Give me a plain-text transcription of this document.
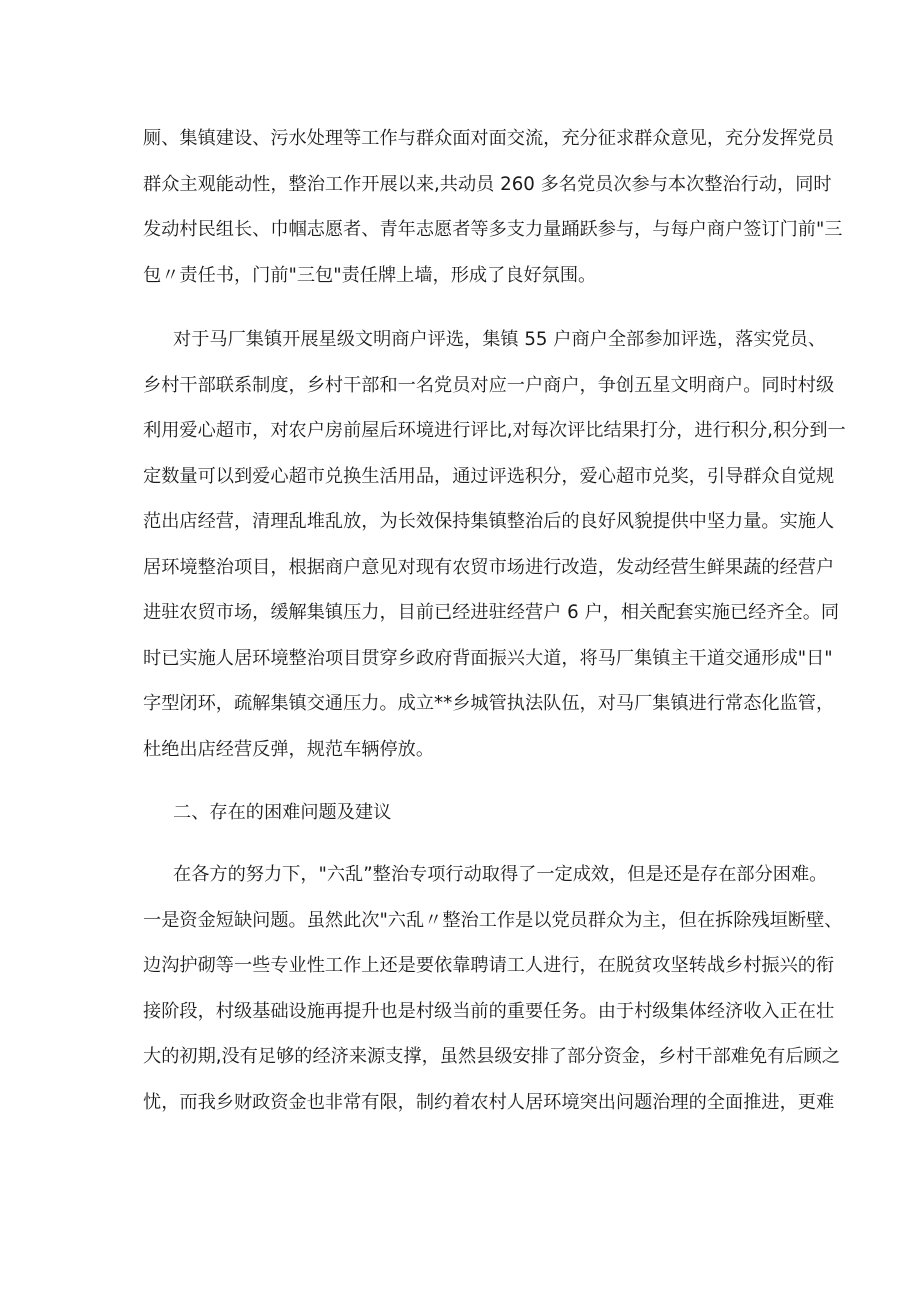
厕、集镇建设、污水处理等工作与群众面对面交流，充分征求群众意见，充分发挥党员
群众主观能动性，整治工作开展以来,共动员 260 多名党员次参与本次整治行动，同时
发动村民组长、巾帼志愿者、青年志愿者等多支力量踊跃参与，与每户商户签订门前"三
包〃责任书，门前"三包"责任牌上墙，形成了良好氛围。
对于马厂集镇开展星级文明商户评选，集镇 55 户商户全部参加评选，落实党员、
乡村干部联系制度，乡村干部和一名党员对应一户商户，争创五星文明商户。同时村级
利用爱心超市，对农户房前屋后环境进行评比,对每次评比结果打分，进行积分,积分到一
定数量可以到爱心超市兑换生活用品，通过评选积分，爱心超市兑奖，引导群众自觉规
范出店经营，清理乱堆乱放，为长效保持集镇整治后的良好风貌提供中坚力量。实施人
居环境整治项目，根据商户意见对现有农贸市场进行改造，发动经营生鲜果蔬的经营户
进驻农贸市场，缓解集镇压力，目前已经进驻经营户 6 户，相关配套实施已经齐全。同
时已实施人居环境整治项目贯穿乡政府背面振兴大道，将马厂集镇主干道交通形成"日"
字型闭环，疏解集镇交通压力。成立**乡城管执法队伍，对马厂集镇进行常态化监管，
杜绝出店经营反弹，规范车辆停放。
二、存在的困难问题及建议
在各方的努力下，"六乱”整治专项行动取得了一定成效，但是还是存在部分困难。
一是资金短缺问题。虽然此次"六乱〃整治工作是以党员群众为主，但在拆除残垣断壁、
边沟护砌等一些专业性工作上还是要依靠聘请工人进行，在脱贫攻坚转战乡村振兴的衔
接阶段，村级基础设施再提升也是村级当前的重要任务。由于村级集体经济收入正在壮
大的初期,没有足够的经济来源支撑，虽然县级安排了部分资金，乡村干部难免有后顾之
忧，而我乡财政资金也非常有限，制约着农村人居环境突出问题治理的全面推进，更难
